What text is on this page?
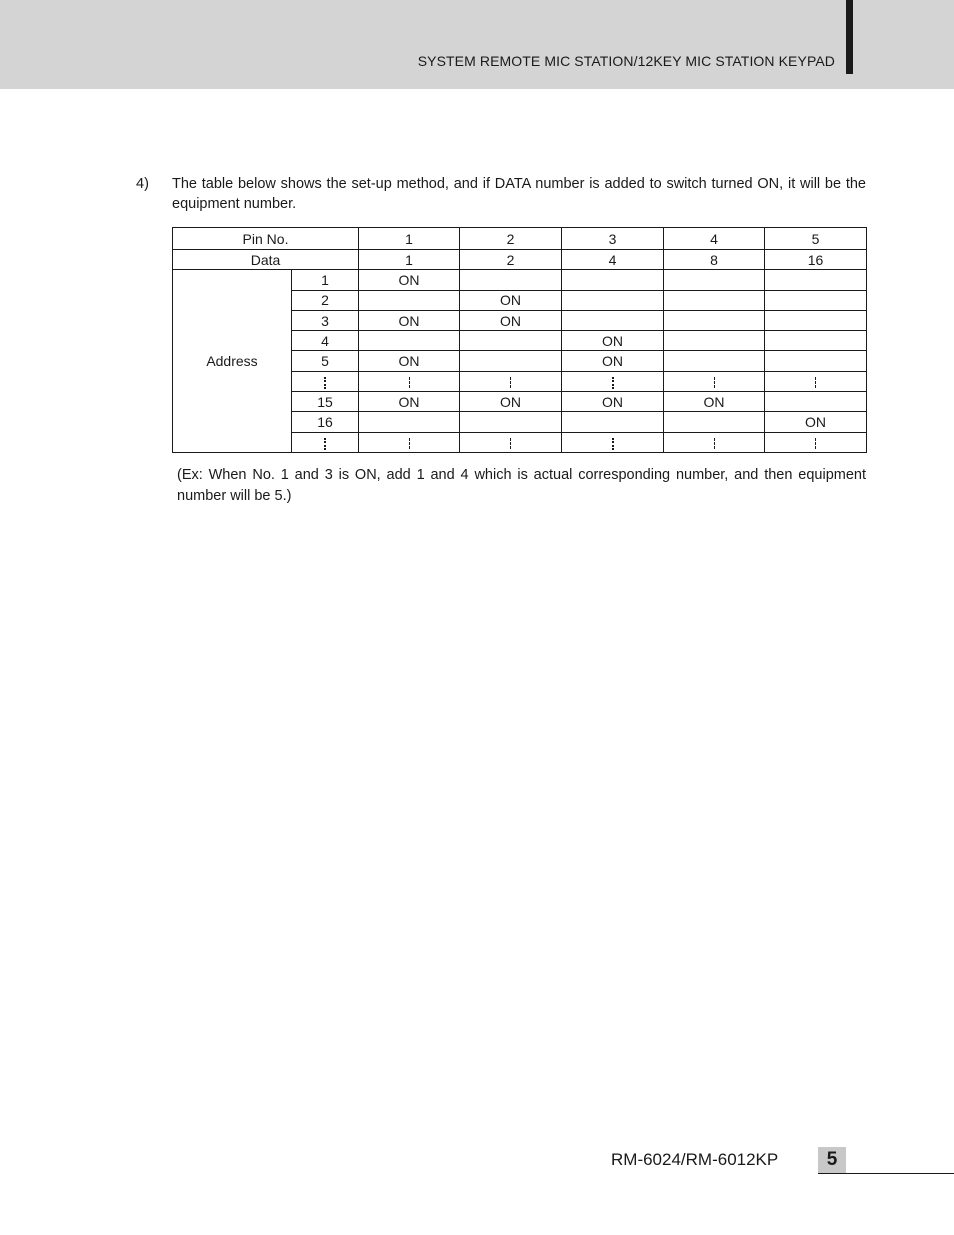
SYSTEM REMOTE MIC STATION/12KEY MIC STATION KEYPAD
4) The table below shows the set-up method, and if DATA number is added to switch turned ON, it will be the equipment number.
Pin No.		1	2	3	4	5
Data		1	2	4	8	16
Address	1	ON				
	2		ON			
	3	ON	ON			
	4			ON		
	5	ON		ON		

	15	ON	ON	ON	ON	
	16					ON

(Ex: When No. 1 and 3 is ON, add 1 and 4 which is actual corresponding number, and then equipment number will be 5.)
RM-6024/RM-6012KP	5
